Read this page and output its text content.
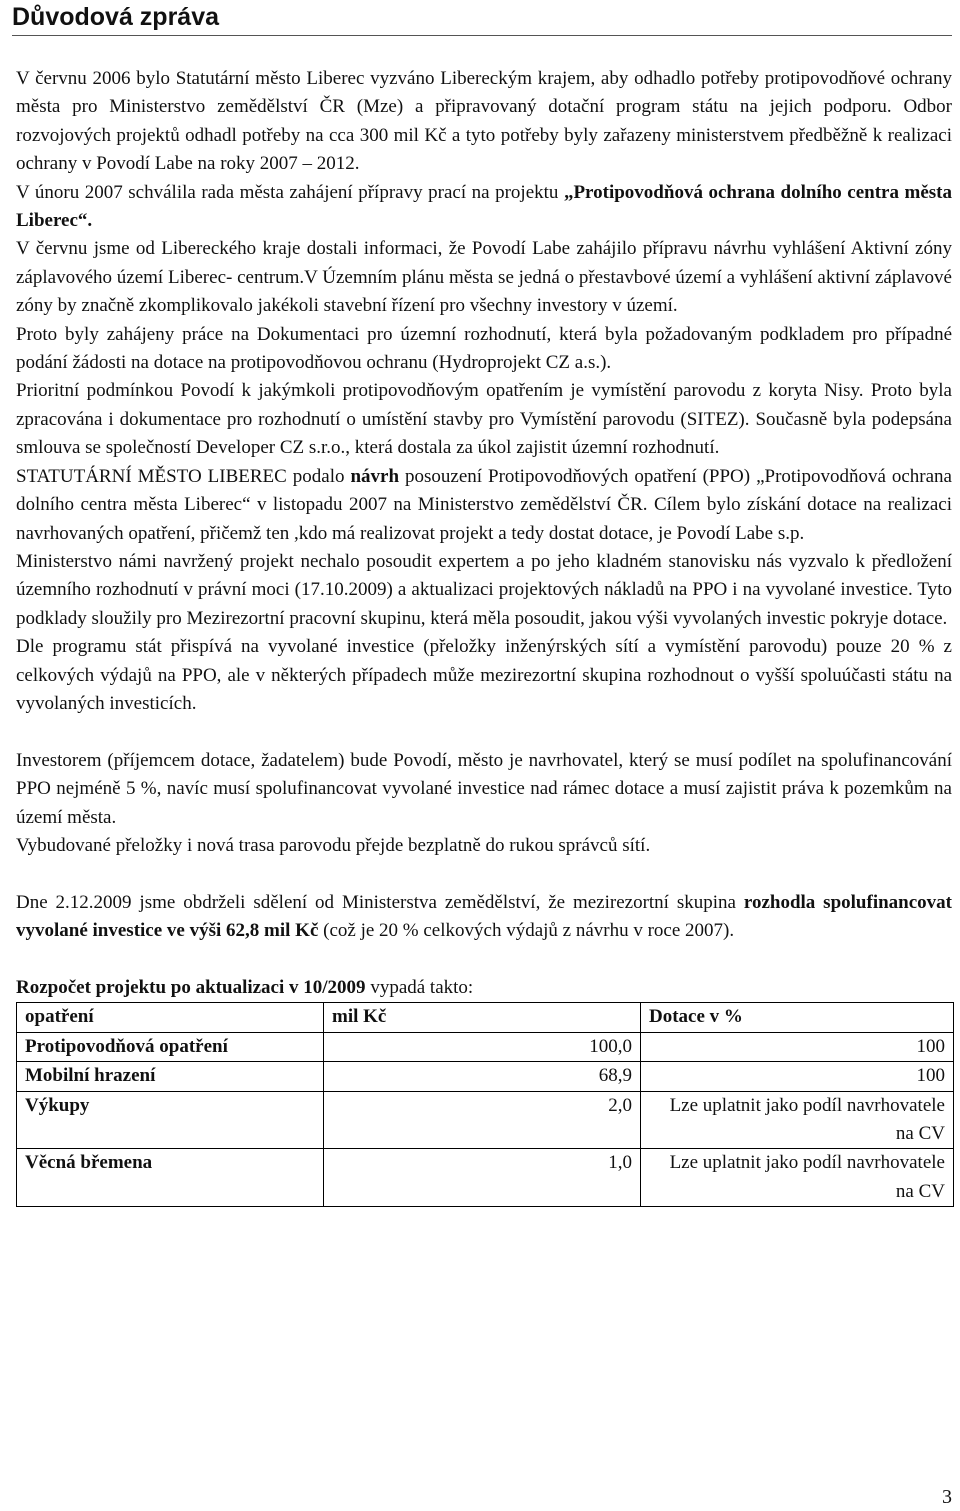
Důvodová zpráva

V červnu 2006 bylo Statutární město Liberec vyzváno Libereckým krajem, aby odhadlo potřeby protipovodňové ochrany města pro Ministerstvo zemědělství ČR (Mze) a připravovaný dotační program státu na jejich podporu. Odbor rozvojových projektů odhadl potřeby na cca 300 mil Kč a tyto potřeby byly zařazeny ministerstvem předběžně k realizaci ochrany v Povodí Labe na roky 2007 – 2012.

V únoru 2007 schválila rada města zahájení přípravy prací na projektu „Protipovodňová ochrana dolního centra města Liberec“.

V červnu jsme od Libereckého kraje dostali informaci, že Povodí Labe zahájilo přípravu návrhu vyhlášení Aktivní zóny záplavového území Liberec- centrum.V Územním plánu města se jedná o přestavbové území a vyhlášení aktivní záplavové zóny by značně zkomplikovalo jakékoli stavební řízení pro všechny investory v území.

Proto byly zahájeny práce na Dokumentaci pro územní rozhodnutí, která byla požadovaným podkladem pro případné podání žádosti na dotace na protipovodňovou ochranu (Hydroprojekt CZ a.s.).

Prioritní podmínkou Povodí k jakýmkoli protipovodňovým opatřením je vymístění parovodu z koryta Nisy. Proto byla zpracována i dokumentace pro rozhodnutí o umístění stavby pro Vymístění parovodu (SITEZ). Současně byla podepsána smlouva se společností Developer CZ s.r.o., která dostala za úkol zajistit územní rozhodnutí.

STATUTÁRNÍ MĚSTO LIBEREC podalo návrh posouzení Protipovodňových opatření (PPO) „Protipovodňová ochrana dolního centra města Liberec“ v listopadu 2007 na Ministerstvo zemědělství ČR. Cílem bylo získání dotace na realizaci navrhovaných opatření, přičemž ten ,kdo má realizovat projekt a tedy dostat dotace, je Povodí Labe s.p.

Ministerstvo námi navržený projekt nechalo posoudit expertem a po jeho kladném stanovisku nás vyzvalo k předložení územního rozhodnutí v právní moci (17.10.2009) a aktualizaci projektových nákladů na PPO i na vyvolané investice. Tyto podklady sloužily pro Mezirezortní pracovní skupinu, která měla posoudit, jakou výši vyvolaných investic pokryje dotace.

Dle programu stát přispívá na vyvolané investice (přeložky inženýrských sítí a vymístění parovodu) pouze 20 % z celkových výdajů na PPO, ale v některých případech může mezirezortní skupina rozhodnout o vyšší spoluúčasti státu na vyvolaných investicích.

Investorem (příjemcem dotace, žadatelem) bude Povodí, město je navrhovatel, který se musí podílet na spolufinancování PPO nejméně 5 %, navíc musí spolufinancovat vyvolané investice nad rámec dotace a musí zajistit práva k pozemkům na území města.

Vybudované přeložky i nová trasa parovodu přejde bezplatně do rukou správců sítí.

Dne 2.12.2009 jsme obdrželi sdělení od Ministerstva zemědělství, že mezirezortní skupina rozhodla spolufinancovat vyvolané investice ve výši 62,8 mil Kč (což je 20 % celkových výdajů z návrhu v roce 2007).

Rozpočet projektu po aktualizaci v 10/2009 vypadá takto:

opatření	mil Kč	Dotace v %
Protipovodňová opatření	100,0	100
Mobilní hrazení	68,9	100
Výkupy	2,0	Lze uplatnit jako podíl navrhovatele na CV
Věcná břemena	1,0	Lze uplatnit jako podíl navrhovatele na CV
3
